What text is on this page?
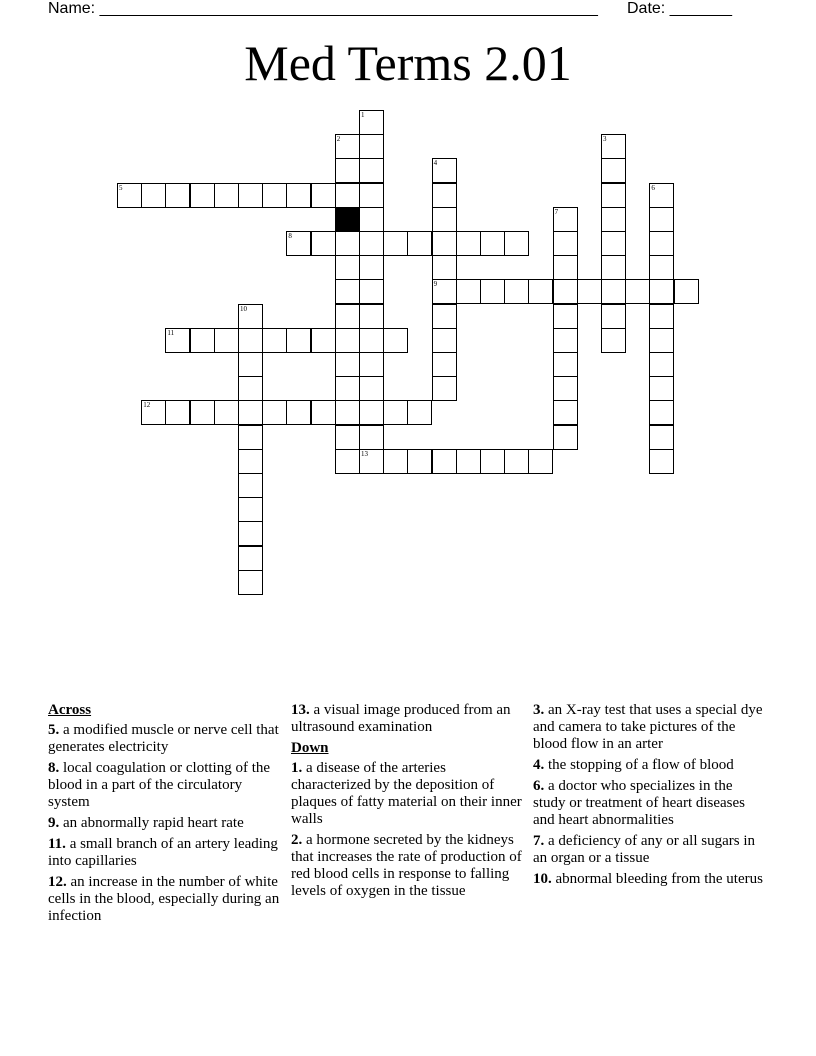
Name: ________________________________________________________ Date: _______
Med Terms 2.01
1
13
2	3
4
9
5	6
7
8
10
11
12
Across
5. a modified muscle or nerve cell that generates electricity
8. local coagulation or clotting of the blood in a part of the circulatory system
9. an abnormally rapid heart rate
11. a small branch of an artery leading into capillaries
12. an increase in the number of white cells in the blood, especially during an infection
13. a visual image produced from an ultrasound examination
Down
1. a disease of the arteries characterized by the deposition of plaques of fatty material on their inner walls
2. a hormone secreted by the kidneys that increases the rate of production of red blood cells in response to falling levels of oxygen in the tissue
3. an X-ray test that uses a special dye and camera to take pictures of the blood flow in an arter
4. the stopping of a flow of blood
6. a doctor who specializes in the study or treatment of heart diseases and heart abnormalities
7. a deficiency of any or all sugars in an organ or a tissue
10. abnormal bleeding from the uterus
